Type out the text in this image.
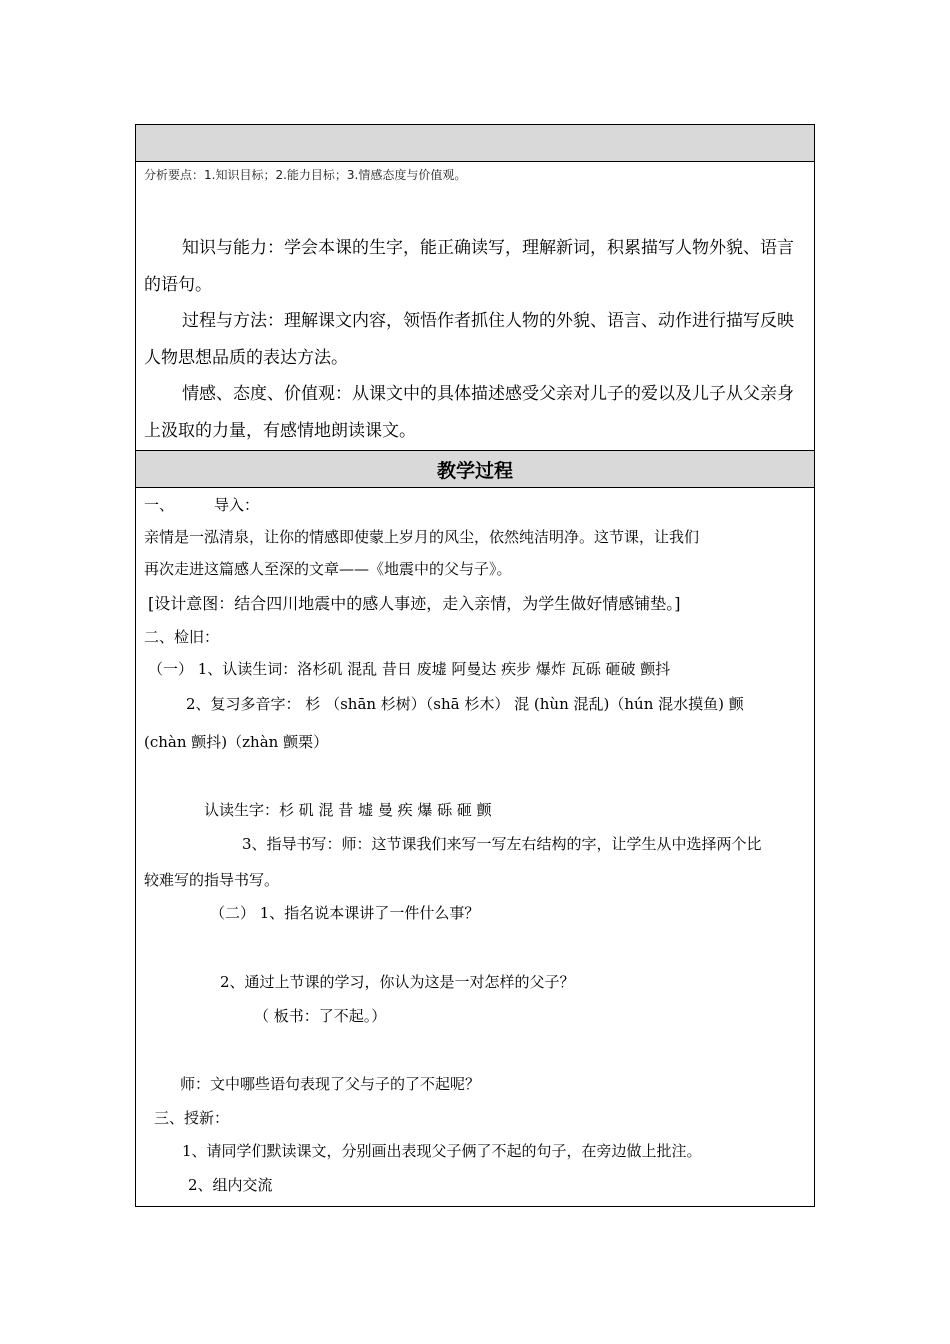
分析要点：1.知识目标；2.能力目标；3.情感态度与价值观。
知识与能力：学会本课的生字，能正确读写，理解新词，积累描写人物外貌、语言的语句。
过程与方法：理解课文内容，领悟作者抓住人物的外貌、语言、动作进行描写反映人物思想品质的表达方法。
情感、态度、价值观：从课文中的具体描述感受父亲对儿子的爱以及儿子从父亲身上汲取的力量，有感情地朗读课文。
教学过程
一、	导入：
亲情是一泓清泉，让你的情感即使蒙上岁月的风尘，依然纯洁明净。这节课，让我们
再次走进这篇感人至深的文章——《地震中的父与子》。
[设计意图：结合四川地震中的感人事迹，走入亲情，为学生做好情感铺垫。]
二、检旧：
（一） 1、认读生词：洛杉矶 混乱 昔日 废墟 阿曼达 疾步 爆炸 瓦砾 砸破 颤抖
2、复习多音字： 杉 （shān 杉树）（shā 杉木） 混 (hùn 混乱)（hún 混水摸鱼) 颤
(chàn 颤抖)（zhàn 颤栗）
认读生字：杉 矶 混 昔 墟 曼 疾 爆 砾 砸 颤
3、指导书写：师：这节课我们来写一写左右结构的字，让学生从中选择两个比
较难写的指导书写。
（二） 1、指名说本课讲了一件什么事？
2、通过上节课的学习，你认为这是一对怎样的父子？
（ 板书：了不起。）
师：文中哪些语句表现了父与子的了不起呢？
三、授新：
1、请同学们默读课文，分别画出表现父子俩了不起的句子，在旁边做上批注。
2、组内交流
